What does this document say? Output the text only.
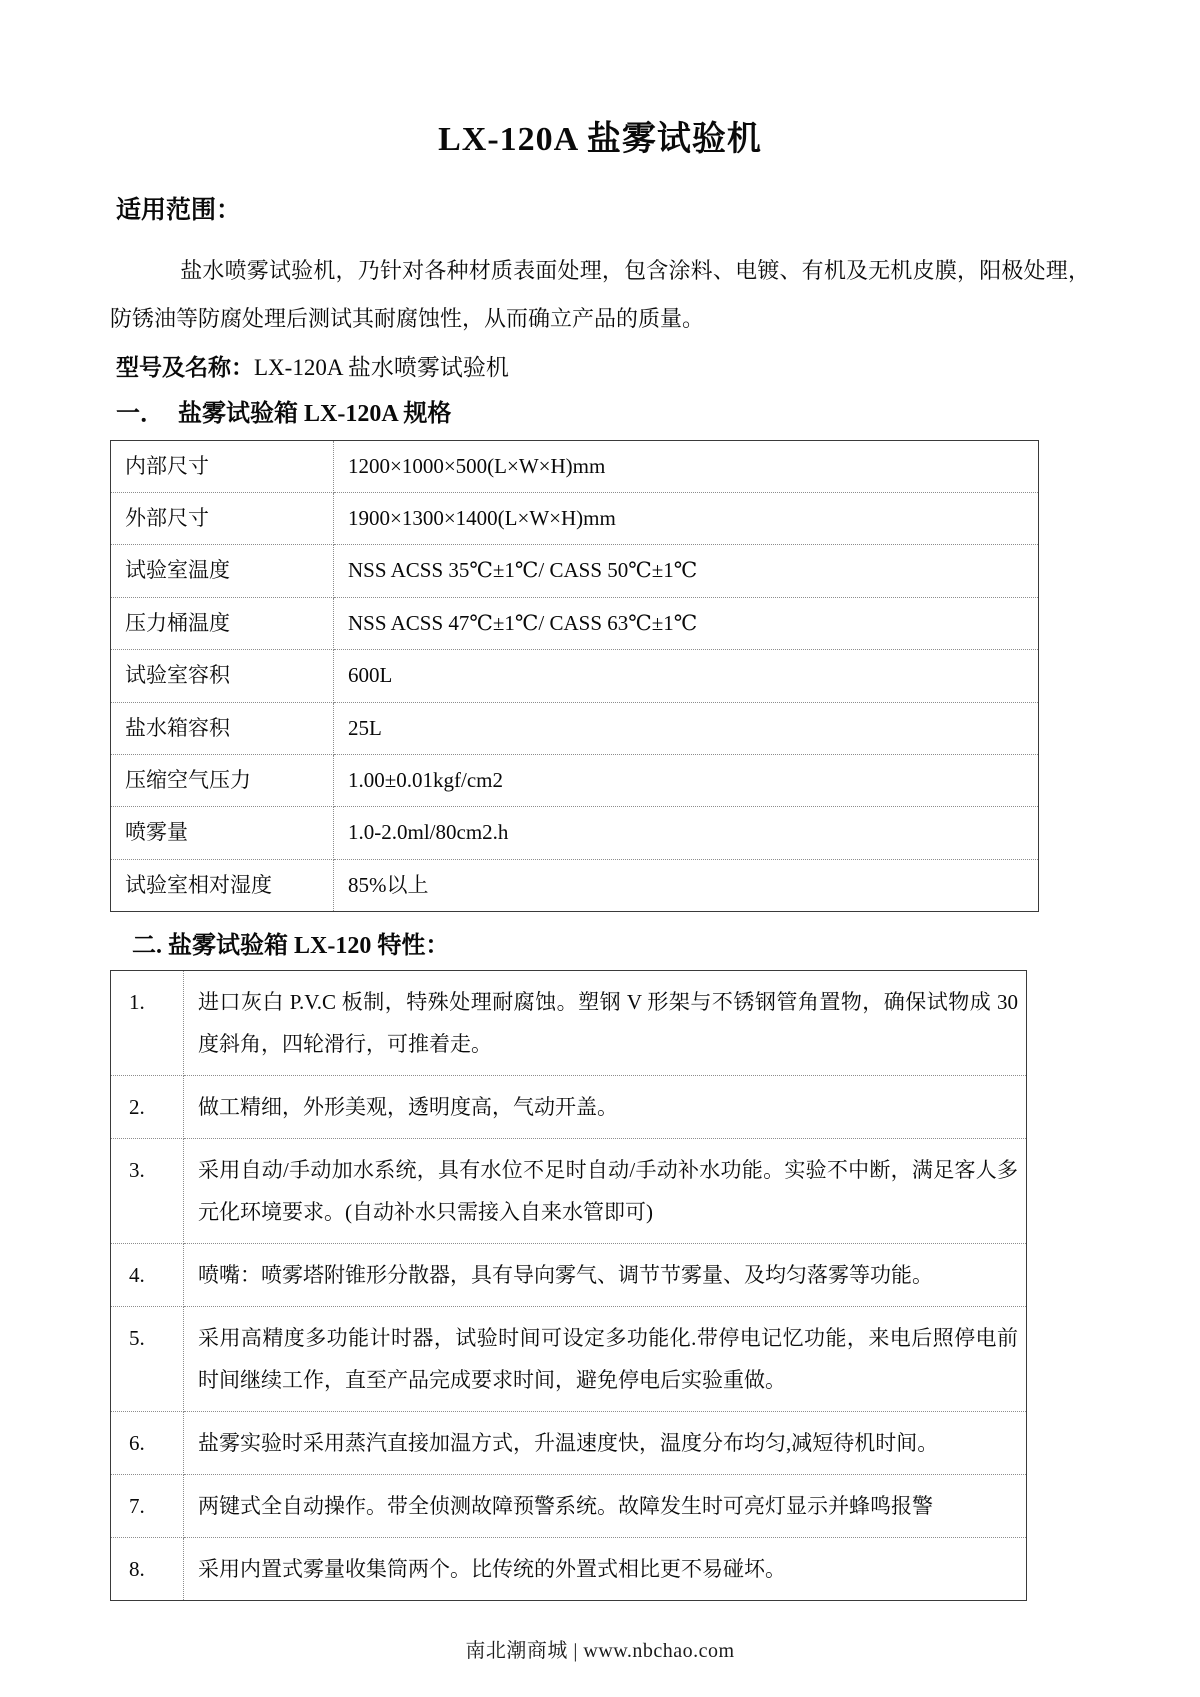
LX-120A 盐雾试验机
适用范围：

盐水喷雾试验机，乃针对各种材质表面处理，包含涂料、电镀、有机及无机皮膜，阳极处理，防锈油等防腐处理后测试其耐腐蚀性，从而确立产品的质量。

型号及名称：LX-120A 盐水喷雾试验机
一． 盐雾试验箱 LX-120A 规格
内部尺寸	1200×1000×500(L×W×H)mm
外部尺寸	1900×1300×1400(L×W×H)mm
试验室温度	NSS ACSS 35℃±1℃/ CASS 50℃±1℃
压力桶温度	NSS ACSS 47℃±1℃/ CASS 63℃±1℃
试验室容积	600L
盐水箱容积	25L
压缩空气压力	1.00±0.01kgf/cm2
喷雾量	1.0-2.0ml/80cm2.h
试验室相对湿度	85%以上
二. 盐雾试验箱 LX-120 特性：
1.	进口灰白 P.V.C 板制，特殊处理耐腐蚀。塑钢 V 形架与不锈钢管角置物，确保试物成 30 度斜角，四轮滑行，可推着走。
2.	做工精细，外形美观，透明度高，气动开盖。
3.	采用自动/手动加水系统，具有水位不足时自动/手动补水功能。实验不中断，满足客人多元化环境要求。(自动补水只需接入自来水管即可)
4.	喷嘴：喷雾塔附锥形分散器，具有导向雾气、调节节雾量、及均匀落雾等功能。
5.	采用高精度多功能计时器，试验时间可设定多功能化.带停电记忆功能，来电后照停电前时间继续工作，直至产品完成要求时间，避免停电后实验重做。
6.	盐雾实验时采用蒸汽直接加温方式，升温速度快，温度分布均匀,减短待机时间。
7.	两键式全自动操作。带全侦测故障预警系统。故障发生时可亮灯显示并蜂鸣报警
8.	采用内置式雾量收集筒两个。比传统的外置式相比更不易碰坏。
南北潮商城 | www.nbchao.com
